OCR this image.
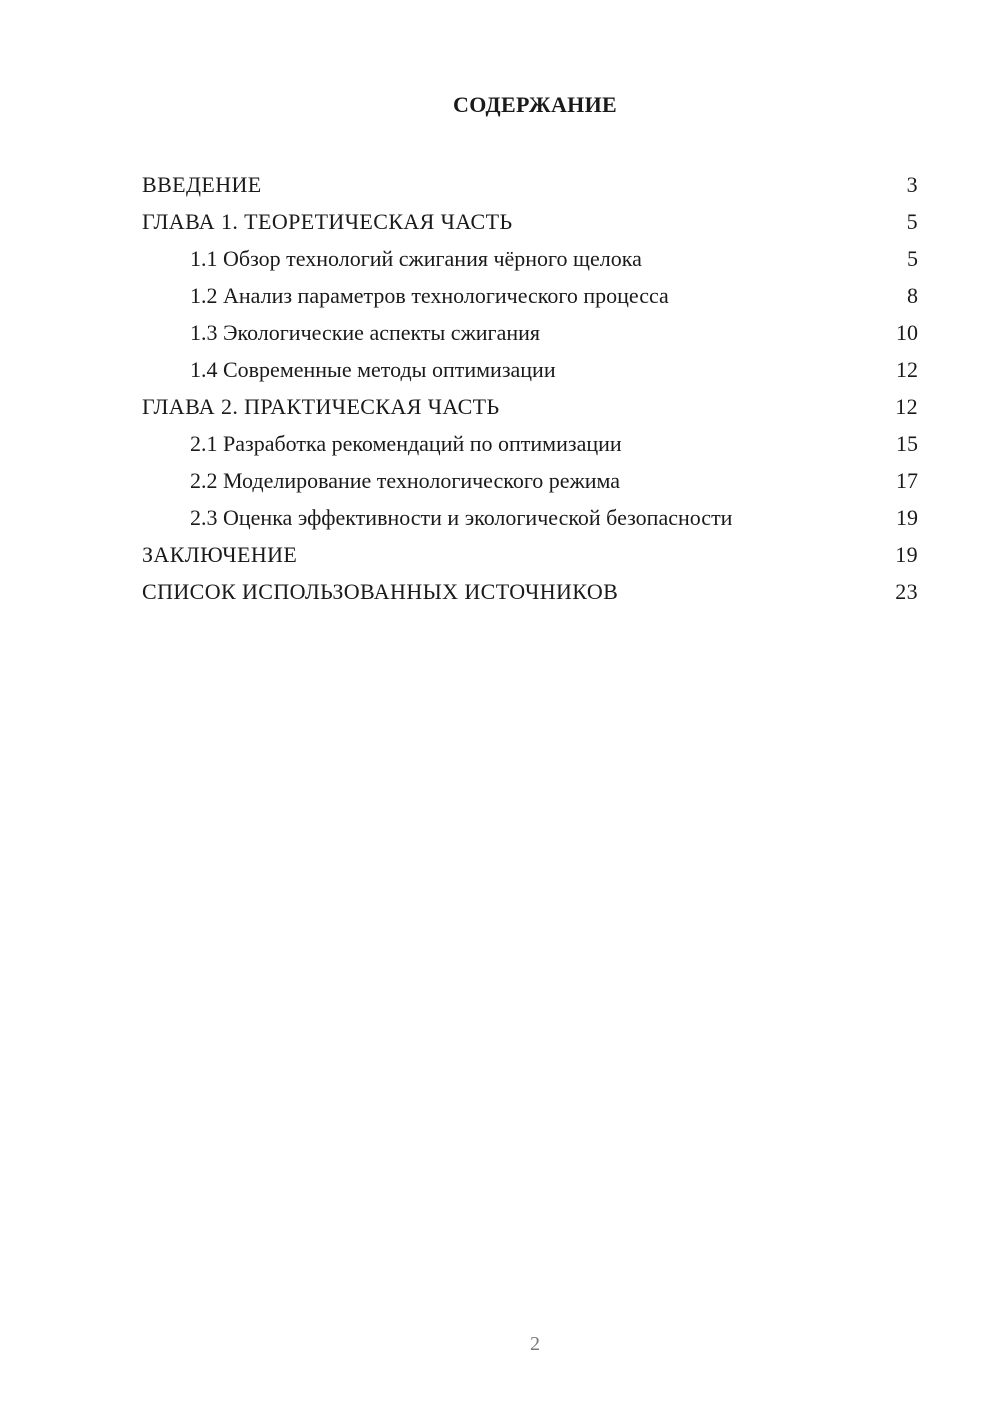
СОДЕРЖАНИЕ
ВВЕДЕНИЕ	3
ГЛАВА 1. ТЕОРЕТИЧЕСКАЯ ЧАСТЬ	5
1.1 Обзор технологий сжигания чёрного щелока	5
1.2 Анализ параметров технологического процесса	8
1.3 Экологические аспекты сжигания	10
1.4 Современные методы оптимизации	12
ГЛАВА 2. ПРАКТИЧЕСКАЯ ЧАСТЬ	12
2.1 Разработка рекомендаций по оптимизации	15
2.2 Моделирование технологического режима	17
2.3 Оценка эффективности и экологической безопасности	19
ЗАКЛЮЧЕНИЕ	19
СПИСОК ИСПОЛЬЗОВАННЫХ ИСТОЧНИКОВ	23
2
